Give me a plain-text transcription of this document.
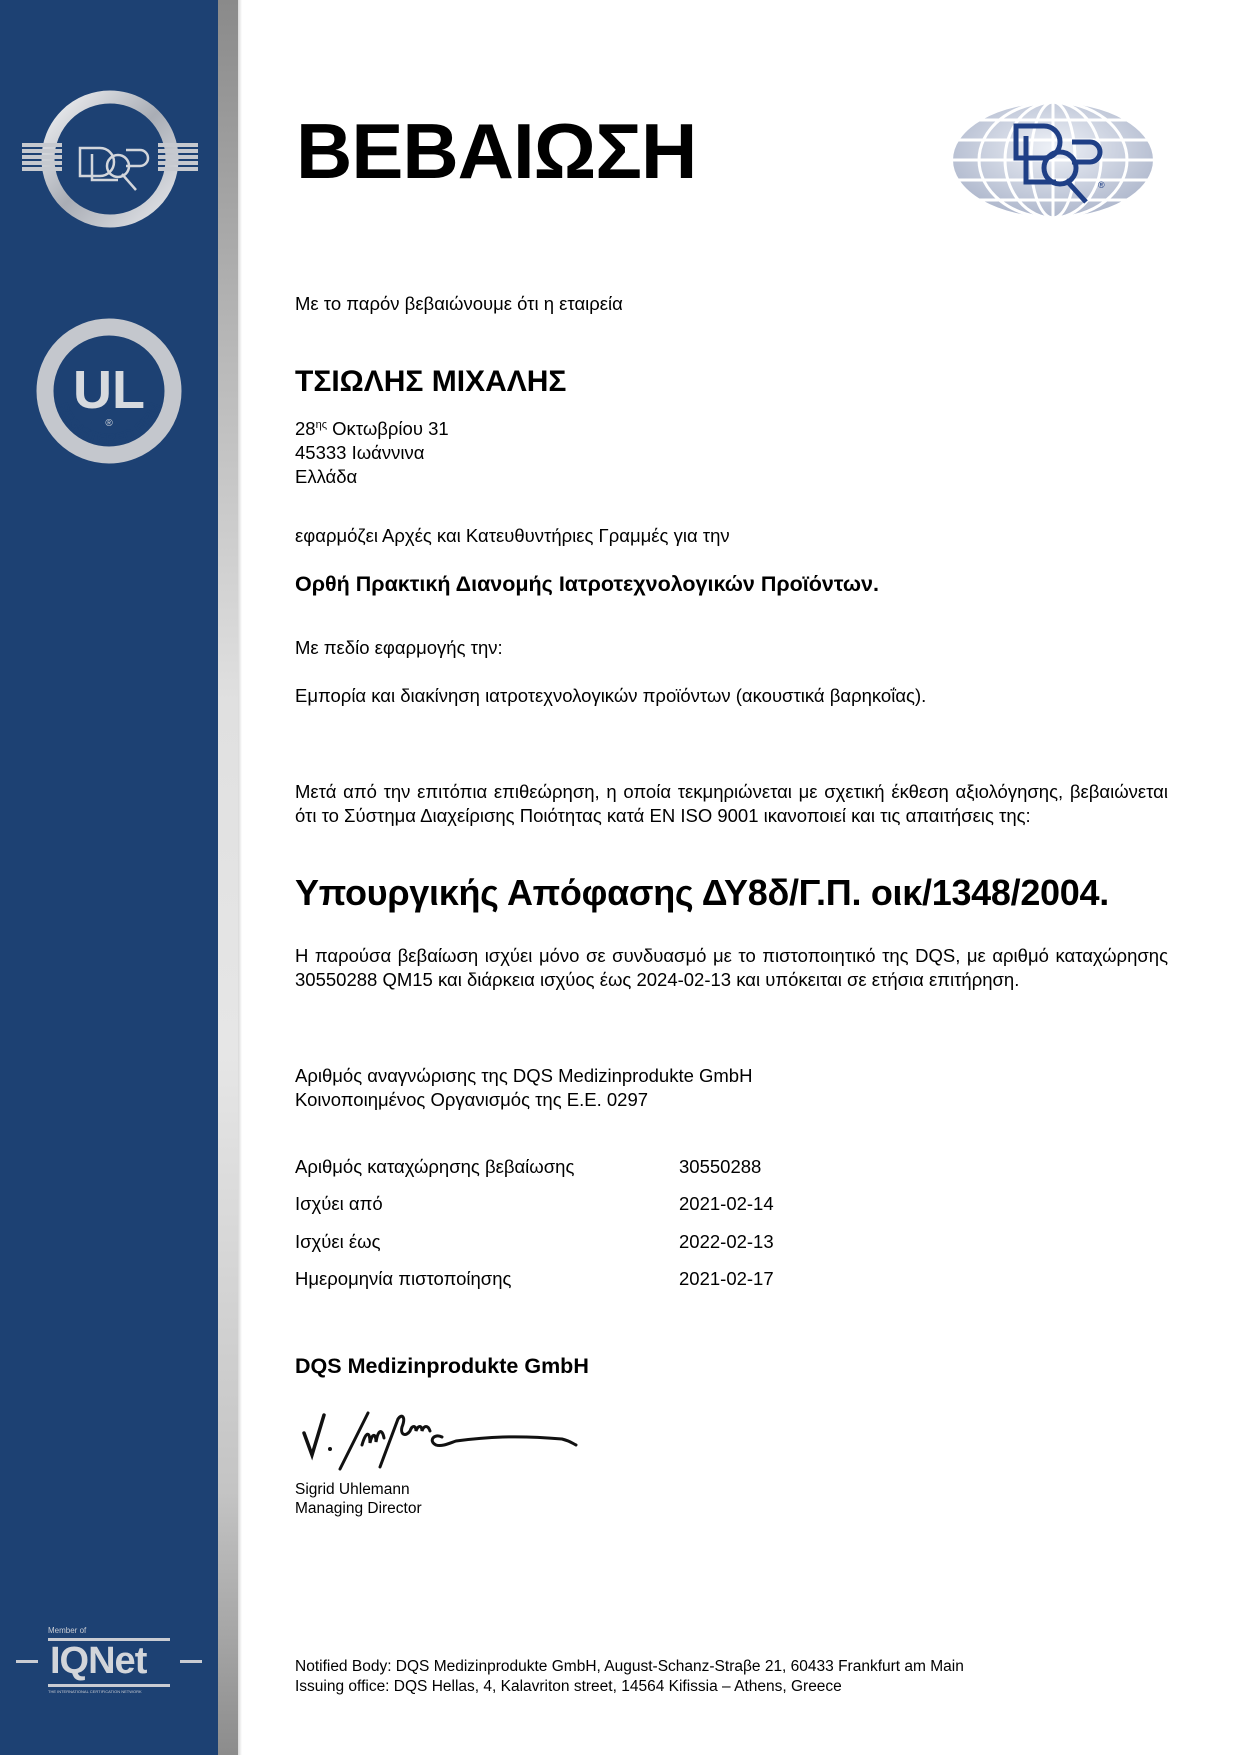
UL
®
REGISTERED FIRM
Member of
IQNet
THE INTERNATIONAL CERTIFICATION NETWORK
ΒΕΒΑΙΩΣΗ	®
Με το παρόν βεβαιώνουμε ότι η εταιρεία
ΤΣΙΩΛΗΣ ΜΙΧΑΛΗΣ
$28^{\eta\varsigma}$ Οκτωβρίου 31
45333 Ιωάννινα
Ελλάδα
εφαρμόζει Αρχές και Κατευθυντήριες Γραμμές για την
Ορθή Πρακτική Διανομής Ιατροτεχνολογικών Προϊόντων.
Με πεδίο εφαρμογής την:
Εμπορία και διακίνηση ιατροτεχνολογικών προϊόντων (ακουστικά βαρηκοΐας).
Μετά από την επιτόπια επιθεώρηση, η οποία τεκμηριώνεται με σχετική έκθεση αξιολόγησης, βεβαιώνεται ότι το Σύστημα Διαχείρισης Ποιότητας κατά EN ISO 9001 ικανοποιεί και τις απαιτήσεις της:
Υπουργικής Απόφασης ΔΥ8δ/Γ.Π. οικ/1348/2004.
Η παρούσα βεβαίωση ισχύει μόνο σε συνδυασμό με το πιστοποιητικό της DQS, με αριθμό καταχώρησης 30550288 QM15 και διάρκεια ισχύος έως 2024-02-13 και υπόκειται σε ετήσια επιτήρηση.
Αριθμός αναγνώρισης της DQS Medizinprodukte GmbH
Κοινοποιημένος Οργανισμός της Ε.Ε. 0297
Αριθμός καταχώρησης βεβαίωσης	30550288
Ισχύει από	2021-02-14
Ισχύει έως	2022-02-13
Ημερομηνία πιστοποίησης	2021-02-17
DQS Medizinprodukte GmbH
Sigrid Uhlemann
Managing Director
Notified Body: DQS Medizinprodukte GmbH, August-Schanz-Straβe 21, 60433 Frankfurt am Main
Issuing office: DQS Hellas, 4, Kalavriton street, 14564 Kifissia – Athens, Greece
